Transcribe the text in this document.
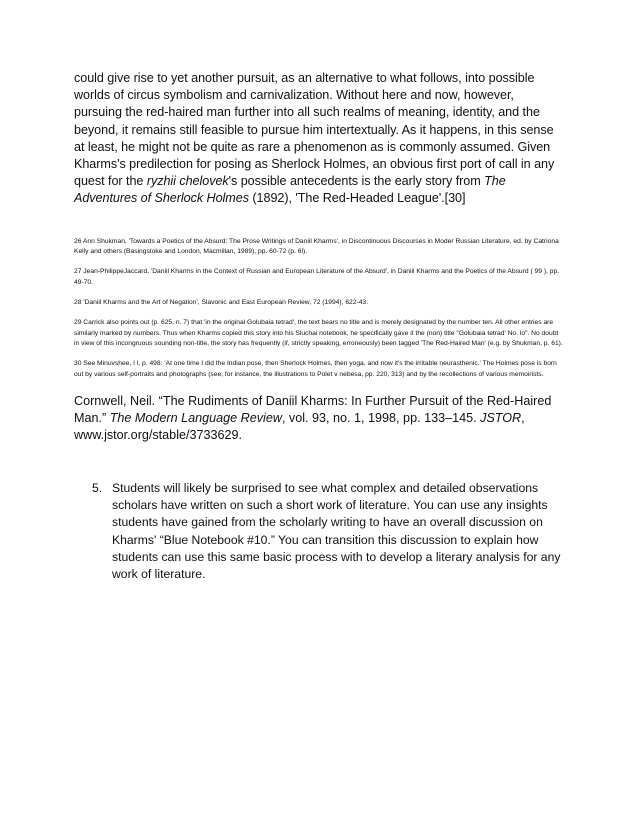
could give rise to yet another pursuit, as an alternative to what follows, into possible worlds of circus symbolism and carnivalization. Without here and now, however, pursuing the red-haired man further into all such realms of meaning, identity, and the beyond, it remains still feasible to pursue him intertextually. As it happens, in this sense at least, he might not be quite as rare a phenomenon as is commonly assumed. Given Kharms's predilection for posing as Sherlock Holmes, an obvious first port of call in any quest for the ryzhii chelovek's possible antecedents is the early story from The Adventures of Sherlock Holmes (1892), 'The Red-Headed League'.[30]

26 Ann Shukman, 'Towards a Poetics of the Absurd: The Prose Writings of Daniil Kharms', in Discontinuous Discourses in Moder Russian Literature, ed. by Catriona Kelly and others (Basingstoke and London, Macmillan, 1989), pp. 60-72 (p. 6l).

27 Jean-PhilippeJaccard, 'Daniil Kharms in the Context of Russian and European Literature of the Absurd', in Daniil Kharms and the Poetics of the Absurd ( 99 ), pp. 49-70.

28 'Daniil Kharms and the Art of Negation', Slavonic and East European Review, 72 (1994), 622-43.

29 Carrick also points out (p. 625, n. 7) that 'in the original Golubaia tetrad', the text bears no title and is merely designated by the number ten. All other entries are similarly marked by numbers. Thus when Kharms copied this story into his Sluchai notebook, he specifically gave it the (non) title "Golubaia tetrad' No. lo". No doubt in view of this incongruous sounding non-title, the story has frequently (if, strictly speaking, erroneously) been tagged 'The Red-Haired Man' (e.g. by Shukman, p. 61).

30 See Minuvshee, I l, p. 498: 'At one time I did the Indian pose, then Sherlock Holmes, then yoga, and now it's the irritable neurasthenic.' The Holmes pose is born out by various self-portraits and photographs (see, for instance, the illustrations to Polet v nebesa, pp. 220, 313) and by the recollections of various memoirists.

Cornwell, Neil. “The Rudiments of Daniil Kharms: In Further Pursuit of the Red-Haired Man.” The Modern Language Review, vol. 93, no. 1, 1998, pp. 133–145. JSTOR, www.jstor.org/stable/3733629.

5. Students will likely be surprised to see what complex and detailed observations scholars have written on such a short work of literature. You can use any insights students have gained from the scholarly writing to have an overall discussion on Kharms' “Blue Notebook #10.” You can transition this discussion to explain how students can use this same basic process with to develop a literary analysis for any work of literature.
